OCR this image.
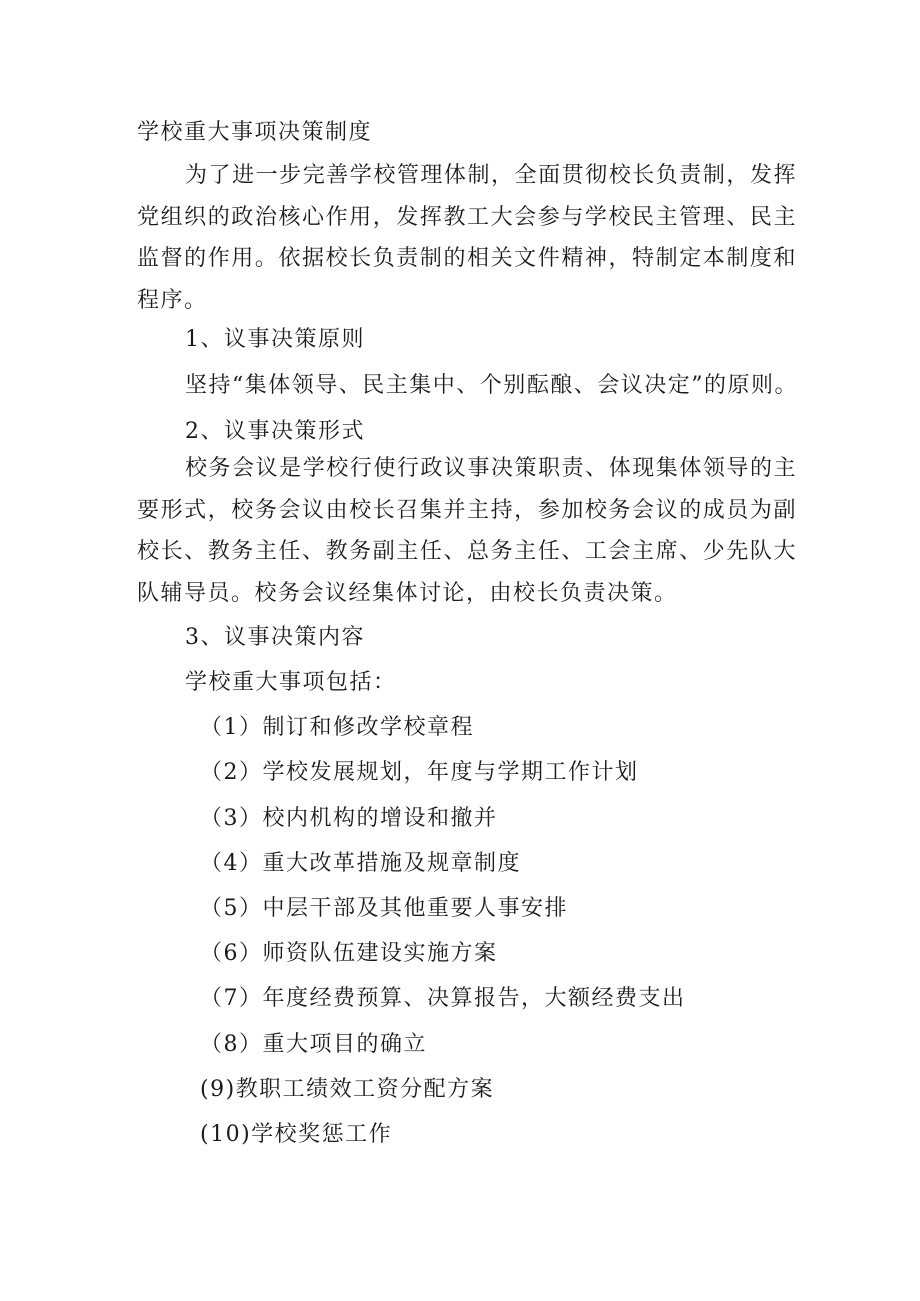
学校重大事项决策制度

为了进一步完善学校管理体制，全面贯彻校长负责制，发挥党组织的政治核心作用，发挥教工大会参与学校民主管理、民主监督的作用。依据校长负责制的相关文件精神，特制定本制度和程序。

1、议事决策原则
坚持“集体领导、民主集中、个别酝酿、会议决定”的原则。
2、议事决策形式

校务会议是学校行使行政议事决策职责、体现集体领导的主要形式，校务会议由校长召集并主持，参加校务会议的成员为副校长、教务主任、教务副主任、总务主任、工会主席、少先队大队辅导员。校务会议经集体讨论，由校长负责决策。

3、议事决策内容
学校重大事项包括：
（1）制订和修改学校章程
（2）学校发展规划，年度与学期工作计划
（3）校内机构的增设和撤并
（4）重大改革措施及规章制度
（5）中层干部及其他重要人事安排
（6）师资队伍建设实施方案
（7）年度经费预算、决算报告，大额经费支出
（8）重大项目的确立
(9)教职工绩效工资分配方案
(10)学校奖惩工作
